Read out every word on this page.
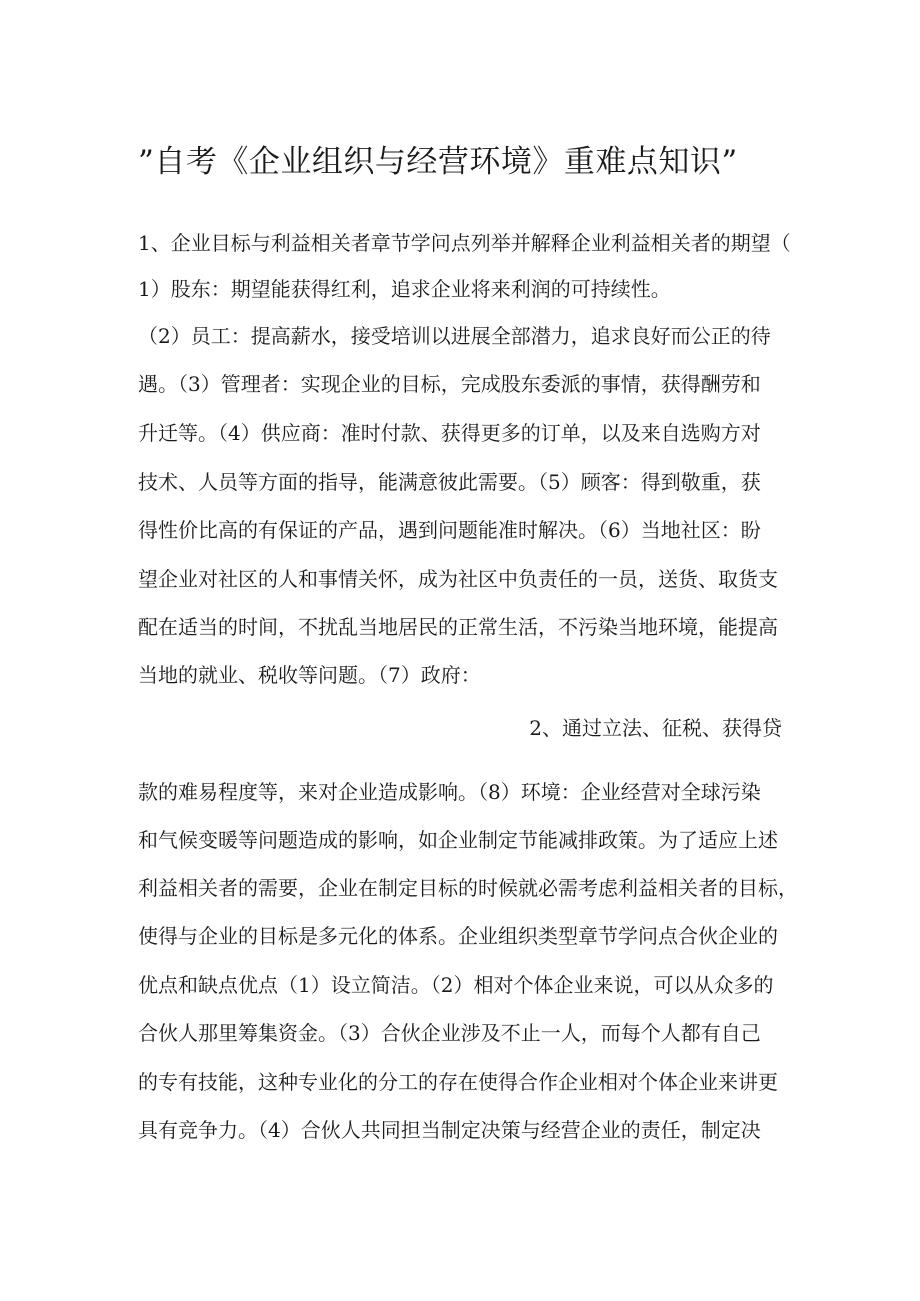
”自考《企业组织与经营环境》重难点知识”

1、企业目标与利益相关者章节学问点列举并解释企业利益相关者的期望（

1）股东：期望能获得红利，追求企业将来利润的可持续性。

（2）员工：提高薪水，接受培训以进展全部潜力，追求良好而公正的待

遇。（3）管理者：实现企业的目标，完成股东委派的事情，获得酬劳和

升迁等。（4）供应商：准时付款、获得更多的订单，以及来自选购方对

技术、人员等方面的指导，能满意彼此需要。（5）顾客：得到敬重，获

得性价比高的有保证的产品，遇到问题能准时解决。（6）当地社区：盼

望企业对社区的人和事情关怀，成为社区中负责任的一员，送货、取货支

配在适当的时间，不扰乱当地居民的正常生活，不污染当地环境，能提高

当地的就业、税收等问题。（7）政府：

2、通过立法、征税、获得贷

款的难易程度等，来对企业造成影响。（8）环境：企业经营对全球污染

和气候变暖等问题造成的影响，如企业制定节能减排政策。为了适应上述

利益相关者的需要，企业在制定目标的时候就必需考虑利益相关者的目标，

使得与企业的目标是多元化的体系。企业组织类型章节学问点合伙企业的

优点和缺点优点（1）设立简洁。（2）相对个体企业来说，可以从众多的

合伙人那里筹集资金。（3）合伙企业涉及不止一人，而每个人都有自己

的专有技能，这种专业化的分工的存在使得合作企业相对个体企业来讲更

具有竞争力。（4）合伙人共同担当制定决策与经营企业的责任，制定决
